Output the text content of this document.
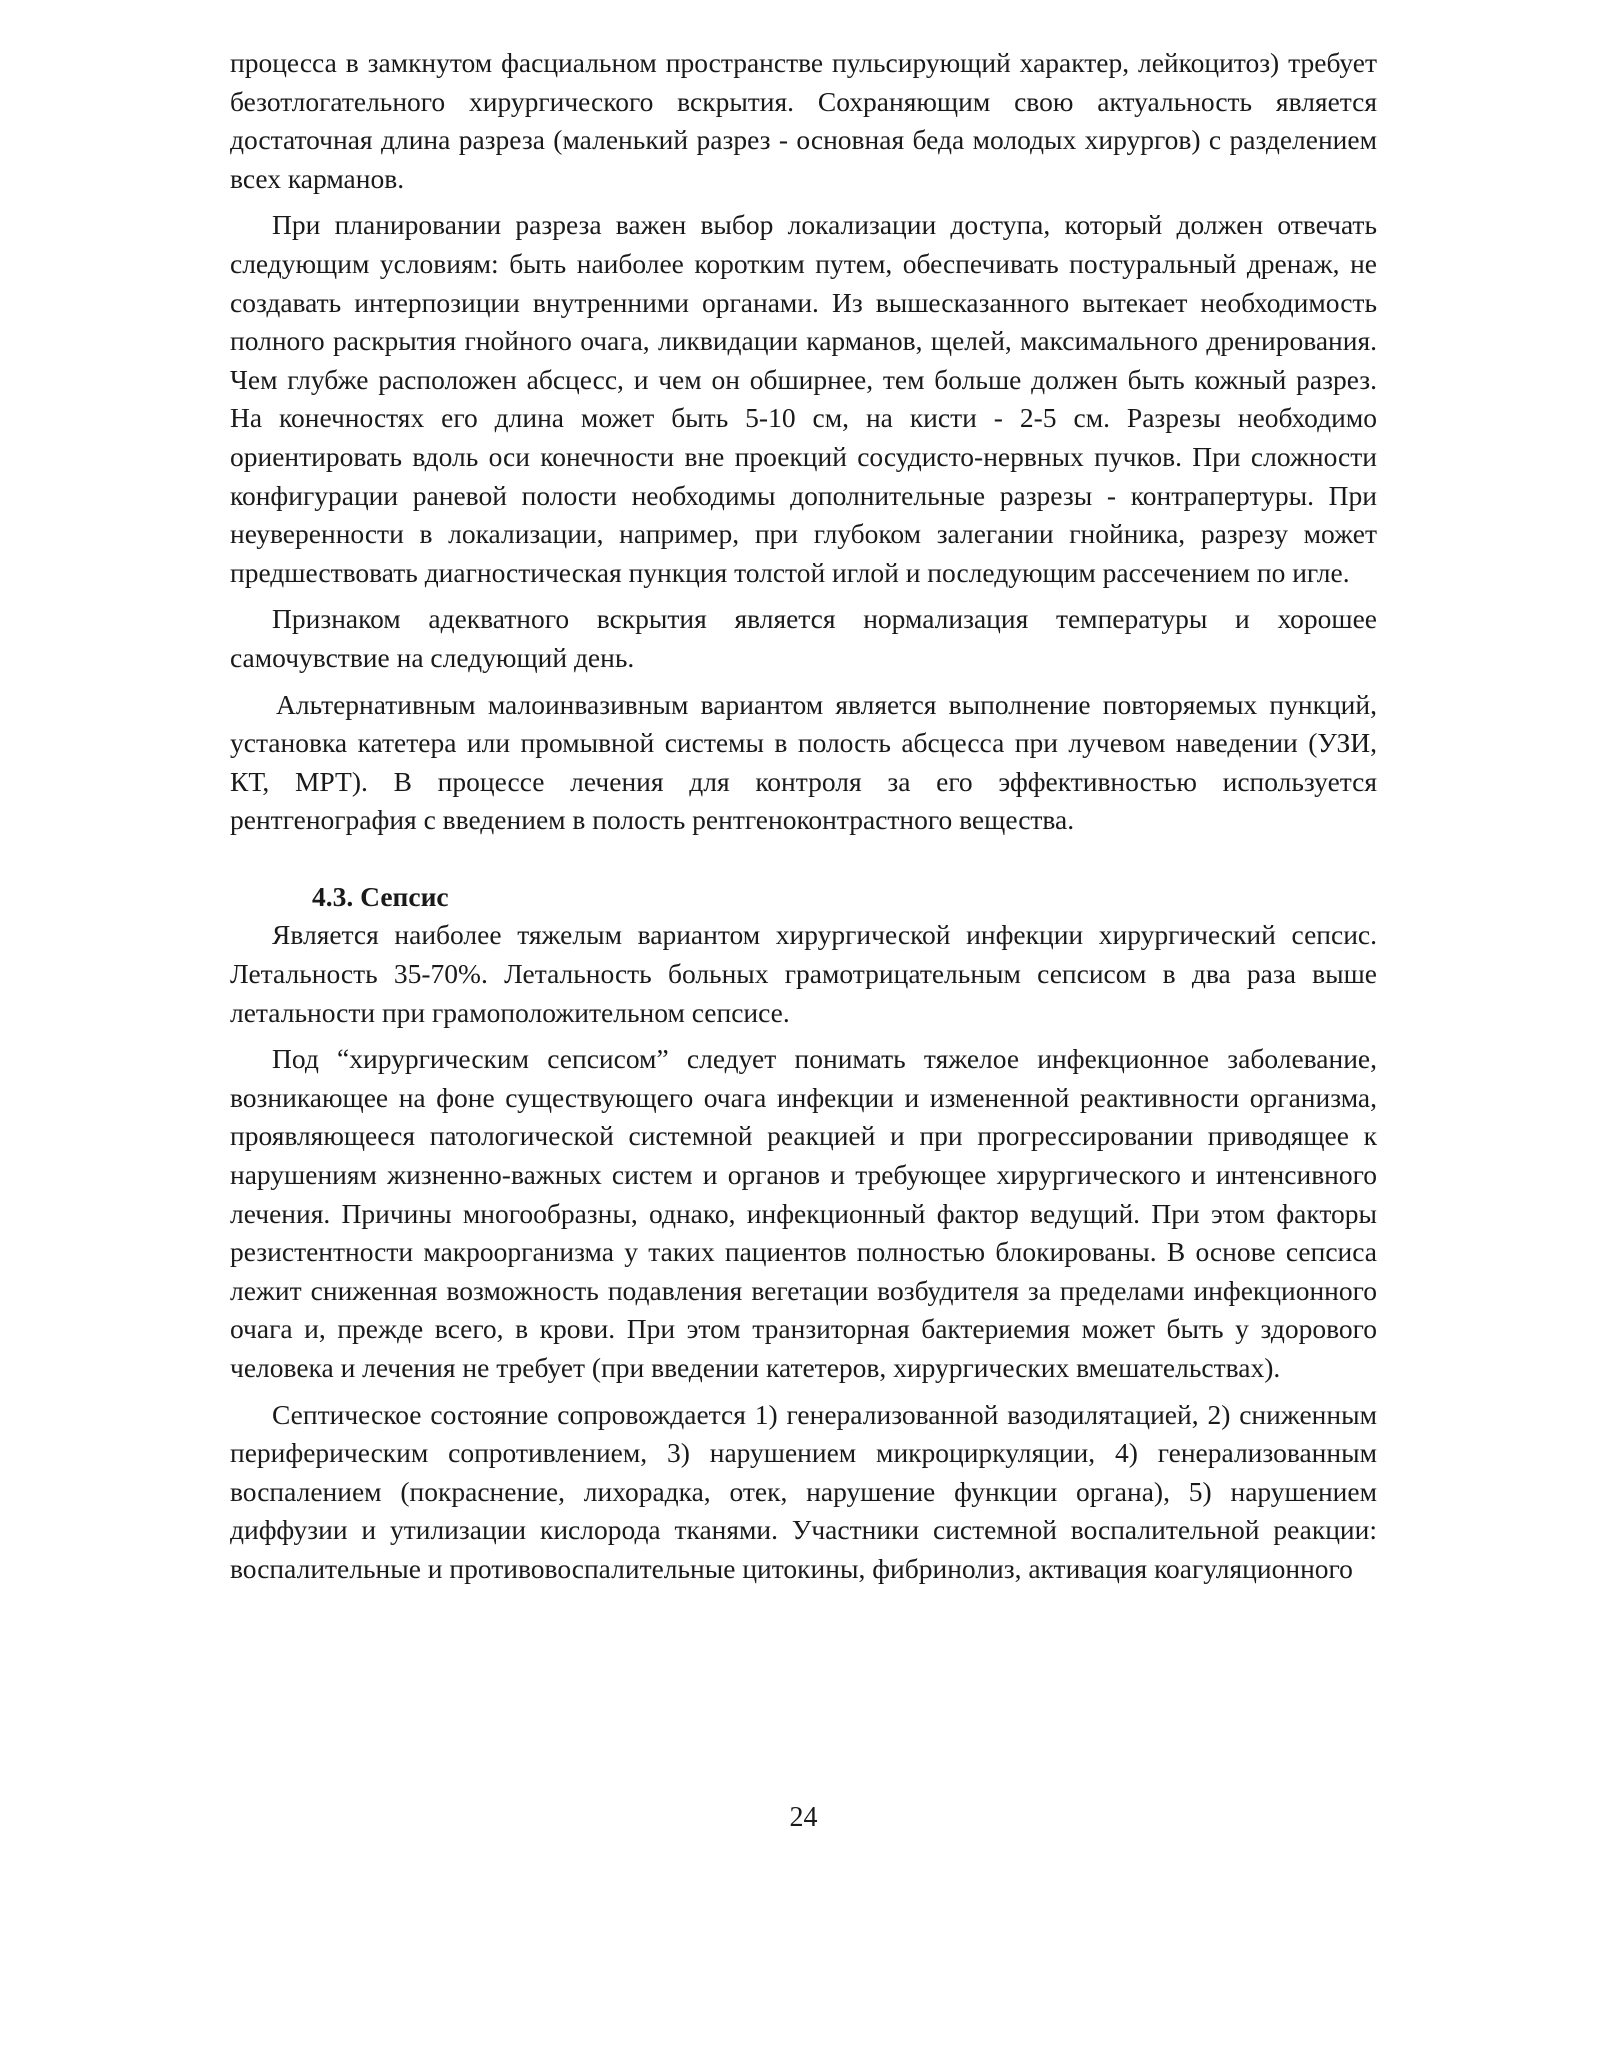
процесса в замкнутом фасциальном пространстве пульсирующий характер, лейкоцитоз) требует безотлогательного хирургического вскрытия. Сохраняющим свою актуальность является достаточная длина разреза (маленький разрез - основная беда молодых хирургов) с разделением всех карманов.

При планировании разреза важен выбор локализации доступа, который должен отвечать следующим условиям: быть наиболее коротким путем, обеспечивать постуральный дренаж, не создавать интерпозиции внутренними органами. Из вышесказанного вытекает необходимость полного раскрытия гнойного очага, ликвидации карманов, щелей, максимального дренирования. Чем глубже расположен абсцесс, и чем он обширнее, тем больше должен быть кожный разрез. На конечностях его длина может быть 5-10 см, на кисти - 2-5 см. Разрезы необходимо ориентировать вдоль оси конечности вне проекций сосудисто-нервных пучков. При сложности конфигурации раневой полости необходимы дополнительные разрезы - контрапертуры. При неуверенности в локализации, например, при глубоком залегании гнойника, разрезу может предшествовать диагностическая пункция толстой иглой и последующим рассечением по игле.

Признаком адекватного вскрытия является нормализация температуры и хорошее самочувствие на следующий день.

Альтернативным малоинвазивным вариантом является выполнение повторяемых пункций, установка катетера или промывной системы в полость абсцесса при лучевом наведении (УЗИ, КТ, МРТ). В процессе лечения для контроля за его эффективностью используется рентгенография с введением в полость рентгеноконтрастного вещества.

4.3. Сепсис

Является наиболее тяжелым вариантом хирургической инфекции хирургический сепсис. Летальность 35-70%. Летальность больных грамотрицательным сепсисом в два раза выше летальности при грамоположительном сепсисе.

Под “хирургическим сепсисом” следует понимать тяжелое инфекционное заболевание, возникающее на фоне существующего очага инфекции и измененной реактивности организма, проявляющееся патологической системной реакцией и при прогрессировании приводящее к нарушениям жизненно-важных систем и органов и требующее хирургического и интенсивного лечения. Причины многообразны, однако, инфекционный фактор ведущий. При этом факторы резистентности макроорганизма у таких пациентов полностью блокированы. В основе сепсиса лежит сниженная возможность подавления вегетации возбудителя за пределами инфекционного очага и, прежде всего, в крови. При этом транзиторная бактериемия может быть у здорового человека и лечения не требует (при введении катетеров, хирургических вмешательствах).

Септическое состояние сопровождается 1) генерализованной вазодилятацией, 2) сниженным периферическим сопротивлением, 3) нарушением микроциркуляции, 4) генерализованным воспалением (покраснение, лихорадка, отек, нарушение функции органа), 5) нарушением диффузии и утилизации кислорода тканями. Участники системной воспалительной реакции: воспалительные и противовоспалительные цитокины, фибринолиз, активация коагуляционного

24
